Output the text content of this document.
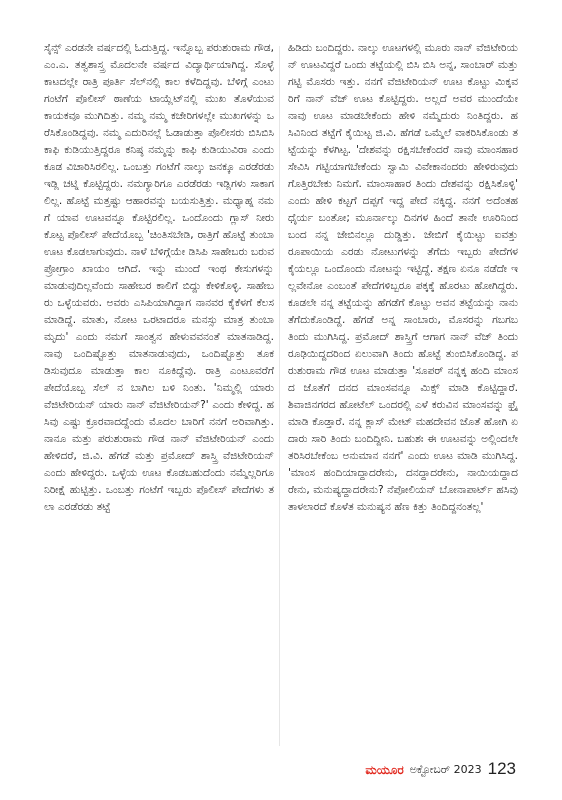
ಸೈನ್ಸ್ ಎರಡನೇ ವರ್ಷದಲ್ಲಿ ಓದುತ್ತಿದ್ದ. ಇನ್ನೊಬ್ಬ ಪರುಶುರಾಮ ಗೌಡ, ಎಂ.ಎ. ತತ್ವಶಾಸ್ತ್ರ ಮೊದಲನೇ ವರ್ಷದ ವಿದ್ಯಾರ್ಥಿಯಾಗಿದ್ದ. ಸೊಳ್ಳೆ ಕಾಟದಲ್ಲೇ ರಾತ್ರಿ ಪೂರ್ತಿ ಸೆಲ್‌ನಲ್ಲಿ ಕಾಲ ಕಳೆದಿದ್ದವು. ಬೆಳಿಗ್ಗೆ ಎಂಟು ಗಂಟೆಗೆ ಪೊಲೀಸ್ ಠಾಣೆಯ ಟಾಯ್ಲೆಟ್‌ನಲ್ಲಿ ಮುಖ ತೊಳೆಯುವ ಕಾಯಕವೂ ಮುಗಿದಿತ್ತು. ನಮ್ಮ ನಮ್ಮ ಕಚೇರಿಗಳಲ್ಲೇ ಮುಖಗಳನ್ನು ಒರೆಸಿಕೊಂಡಿದ್ದವು. ನಮ್ಮ ಎದುರಿನಲ್ಲೆ ಓಡಾಡುತ್ತಾ ಪೊಲೀಸರು ಬಿಸಿಬಿಸಿ ಕಾಫಿ ಕುಡಿಯುತ್ತಿದ್ದರೂ ಕನಿಷ್ಠ ನಮ್ಮನ್ನು ಕಾಫಿ ಕುಡಿಯುವಿರಾ ಎಂದು ಕೂಡ ವಿಚಾರಿಸಿರಲಿಲ್ಲ. ಒಂಬತ್ತು ಗಂಟೆಗೆ ನಾಲ್ಕು ಜನಕ್ಕೂ ಎರಡೆರಡು ಇಡ್ಲಿ ಚಟ್ನಿ ಕೊಟ್ಟಿದ್ದರು. ನಮಗ್ಯಾರಿಗೂ ಎರಡೆರಡು ಇಡ್ಲಿಗಳು ಸಾಕಾಗಲಿಲ್ಲ. ಹೊಟ್ಟೆ ಮತ್ತಷ್ಟು ಆಹಾರವನ್ನು ಬಯಸುತ್ತಿತ್ತು. ಮಧ್ಯಾಹ್ನ ನಮಗೆ ಯಾವ ಊಟವನ್ನೂ ಕೊಟ್ಟಿರಲಿಲ್ಲ. ಒಂದೊಂದು ಗ್ಲಾಸ್ ನೀರು ಕೊಟ್ಟ ಪೊಲೀಸ್ ಪೇದೆಯೊಬ್ಬ 'ಚಿಂತಿಸಬೇಡಿ, ರಾತ್ರಿಗೆ ಹೊಟ್ಟೆ ತುಂಬಾ ಊಟ ಕೊಡಲಾಗುವುದು. ನಾಳೆ ಬೆಳಿಗ್ಗೆಯೇ ಡಿಸಿಪಿ ಸಾಹೇಬರು ಬರುವ ಪ್ರೋಗ್ರಾಂ ಖಾಯಂ ಆಗಿದೆ. ಇನ್ನು ಮುಂದೆ ಇಂಥ ಕೇಸುಗಳನ್ನು ಮಾಡುವುದಿಲ್ಲವೆಂದು ಸಾಹೇಬರ ಕಾಲಿಗೆ ಬಿದ್ದು ಕೇಳಿಕೊಳ್ಳಿ. ಸಾಹೇಬರು ಒಳ್ಳೆಯವರು. ಅವರು ಎಸಿಪಿಯಾಗಿದ್ದಾಗ ನಾನವರ ಕೈಕೆಳಗೆ ಕೆಲಸ ಮಾಡಿದ್ದೆ. ಮಾತು, ನೋಟ ಒರಟಾದರೂ ಮನಸ್ಸು ಮಾತ್ರ ತುಂಬಾ ಮೃದು' ಎಂದು ನಮಗೆ ಸಾಂತ್ವನ ಹೇಳುವವನಂತೆ ಮಾತನಾಡಿದ್ದ. ನಾವು ಒಂದಿಷ್ಟೊತ್ತು ಮಾತನಾಡುವುದು, ಒಂದಿಷ್ಟೊತ್ತು ತೂಕಡಿಸುವುದೂ ಮಾಡುತ್ತಾ ಕಾಲ ನೂಕಿದ್ದೆವು. ರಾತ್ರಿ ಎಂಟೂವರೆಗೆ ಪೇದೆಯೊಬ್ಬ ಸೆಲ್ ನ ಬಾಗಿಲ ಬಳಿ ನಿಂತು. 'ನಿಮ್ಮಲ್ಲಿ ಯಾರು ವೆಜಿಟೇರಿಯನ್ ಯಾರು ನಾನ್ ವೆಜಿಟೇರಿಯನ್?' ಎಂದು ಕೇಳಿದ್ದ. ಹಸಿವು ಎಷ್ಟು ಕ್ರೂರವಾದದ್ದೆಂದು ಮೊದಲ ಬಾರಿಗೆ ನನಗೆ ಅರಿವಾಗಿತ್ತು. ನಾನೂ ಮತ್ತು ಪರುಶುರಾಮ ಗೌಡ ನಾನ್ ವೆಜಿಟೇರಿಯನ್ ಎಂದು ಹೇಳಿದರೆ, ಜಿ.ವಿ. ಹೆಗಡೆ ಮತ್ತು ಪ್ರಮೋದ್ ಶಾಸ್ತ್ರಿ ವೆಜಿಟೇರಿಯನ್ ಎಂದು ಹೇಳಿದ್ದರು. ಒಳ್ಳೆಯ ಊಟ ಕೊಡಬಹುದೆಂದು ನಮ್ಮೆಲ್ಲರಿಗೂ ನಿರೀಕ್ಷೆ ಹುಟ್ಟಿತ್ತು. ಒಂಬತ್ತು ಗಂಟೆಗೆ ಇಬ್ಬರು ಪೊಲೀಸ್ ಪೇದೆಗಳು ತಲಾ ಎರಡೆರಡು ತಟ್ಟೆ

ಹಿಡಿದು ಬಂದಿದ್ದರು. ನಾಲ್ಕು ಊಟಗಳಲ್ಲಿ ಮೂರು ನಾನ್ ವೆಜಿಟೇರಿಯನ್ ಊಟವಿದ್ದರೆ ಒಂದು ತಟ್ಟೆಯಲ್ಲಿ ಬಿಸಿ ಬಿಸಿ ಅನ್ನ, ಸಾಂಬಾರ್ ಮತ್ತು ಗಟ್ಟಿ ಮೊಸರು ಇತ್ತು. ನನಗೆ ವೆಜಿಟೇರಿಯನ್ ಊಟ ಕೊಟ್ಟು ಮಿಕ್ಕವರಿಗೆ ನಾನ್ ವೆಜ್ ಊಟ ಕೊಟ್ಟಿದ್ದರು. ಅಲ್ಲದೆ ಅವರ ಮುಂದೆಯೇ ನಾವು ಊಟ ಮಾಡಬೇಕೆಂದು ಹೇಳಿ ನಮ್ಮೆದುರು ನಿಂತಿದ್ದರು. ಹಸಿವಿನಿಂದ ತಟ್ಟೆಗೆ ಕೈಯಿಟ್ಟ ಜಿ.ವಿ. ಹೆಗಡೆ ಒಮ್ಮೆಲೆ ವಾಕರಿಸಿಕೊಂಡು ತಟ್ಟೆಯನ್ನು ಕೆಳಗಿಟ್ಟ. 'ದೇಶವನ್ನು ರಕ್ಷಿಸಬೇಕೆಂದರೆ ನಾವು ಮಾಂಸಹಾರ ಸೇವಿಸಿ ಗಟ್ಟಿಯಾಗಬೇಕೆಂದು ಸ್ವಾಮಿ ವಿವೇಕಾನಂದರು ಹೇಳಿರುವುದು ಗೊತ್ತಿರಬೇಕು ನಿಮಗೆ. ಮಾಂಸಾಹಾರ ತಿಂದು ದೇಶವನ್ನು ರಕ್ಷಿಸಿಕೊಳ್ಳಿ' ಎಂದು ಹೇಳಿ ಕಟ್ಟಗೆ ದಪ್ಪಗೆ ಇದ್ದ ಪೇದೆ ನಕ್ಕಿದ್ದ. ನನಗೆ ಅದೆಂತಹ ಧೈರ್ಯ ಬಂತೋ; ಮೂರ್ನಾಲ್ಕು ದಿನಗಳ ಹಿಂದೆ ತಾನೇ ಊರಿನಿಂದ ಬಂದ ನನ್ನ ಜೇಬಿನಲ್ಲೂ ದುಡ್ಡಿತ್ತು. ಜೇಬಿಗೆ ಕೈಯಿಟ್ಟು ಐವತ್ತು ರೂಪಾಯಿಯ ಎರಡು ನೋಟುಗಳನ್ನು ತೆಗೆದು ಇಬ್ಬರು ಪೇದೆಗಳ ಕೈಯಲ್ಲೂ ಒಂದೊಂದು ನೋಟನ್ನು ಇಟ್ಟಿದ್ದೆ. ತಕ್ಷಣ ಏನೂ ನಡೆದೇ ಇಲ್ಲವೇನೋ ಎಂಬಂತೆ ಪೇದೆಗಳಿಬ್ಬರೂ ಪಕ್ಕಕ್ಕೆ ಹೊರಟು ಹೋಗಿದ್ದರು. ಕೂಡಲೇ ನನ್ನ ತಟ್ಟೆಯನ್ನು ಹೆಗಡೆಗೆ ಕೊಟ್ಟು ಅವನ ತಟ್ಟೆಯನ್ನು ನಾನು ತೆಗೆದುಕೊಂಡಿದ್ದೆ. ಹೆಗಡೆ ಅನ್ನ ಸಾಂಬಾರು, ಮೊಸರನ್ನು ಗಬಗಬ ತಿಂದು ಮುಗಿಸಿದ್ದ. ಪ್ರಮೋದ್ ಶಾಸ್ತ್ರಿಗೆ ಆಗಾಗ ನಾನ್ ವೆಜ್ ತಿಂದು ರೂಢಿಯಿದ್ದದರಿಂದ ಏಲುವಾಗಿ ತಿಂದು ಹೊಟ್ಟೆ ತುಂಬಿಸಿಕೊಂಡಿದ್ದ. ಪರುಶುರಾಮ ಗೌಡ ಊಟ ಮಾಡುತ್ತಾ 'ಸೂಪರ್ ನನ್ನಕ್ಕ ಹಂದಿ ಮಾಂಸದ ಜೊತೆಗೆ ದನದ ಮಾಂಸವನ್ನೂ ಮಿಕ್ಸ್ ಮಾಡಿ ಕೊಟ್ಟಿದ್ದಾರೆ. ಶಿವಾಜಿನಗರದ ಹೋಟೆಲ್ ಒಂದರಲ್ಲಿ ಎಳೆ ಕರುವಿನ ಮಾಂಸವನ್ನು ಫ್ರೈ ಮಾಡಿ ಕೊಡ್ತಾರೆ. ನನ್ನ ಕ್ಲಾಸ್ ಮೇಟ್ ಮಹದೇವನ ಜೊತೆ ಹೋಗಿ ಏದಾರು ಸಾರಿ ತಿಂದು ಬಂದಿದ್ದೀನಿ. ಬಹುಶಃ ಈ ಊಟವನ್ನು ಅಲ್ಲಿಂದಲೇ ತರಿಸಿರಬೇಕೆಂಬ ಅನುಮಾನ ನನಗೆ' ಎಂದು ಊಟ ಮಾಡಿ ಮುಗಿಸಿದ್ದ. 'ಮಾಂಸ ಹಂದಿಯಾದ್ದಾದರೇನು, ದನದ್ದಾದರೇನು, ನಾಯಿಯದ್ದಾದರೇನು, ಮನುಷ್ಯದ್ದಾದರೇನು? ನೆಪೋಲಿಯನ್ ಬೋನಾಪಾರ್ಟ್ ಹಸಿವು ತಾಳಲಾರದೆ ಕೊಳೆತ ಮನುಷ್ಯನ ಹೆಣ ಕಿತ್ತು ತಿಂದಿದ್ದನಂತಲ್ಲ'

ಮಯೂರ ಅಕ್ಟೋಬರ್ 2023 123
